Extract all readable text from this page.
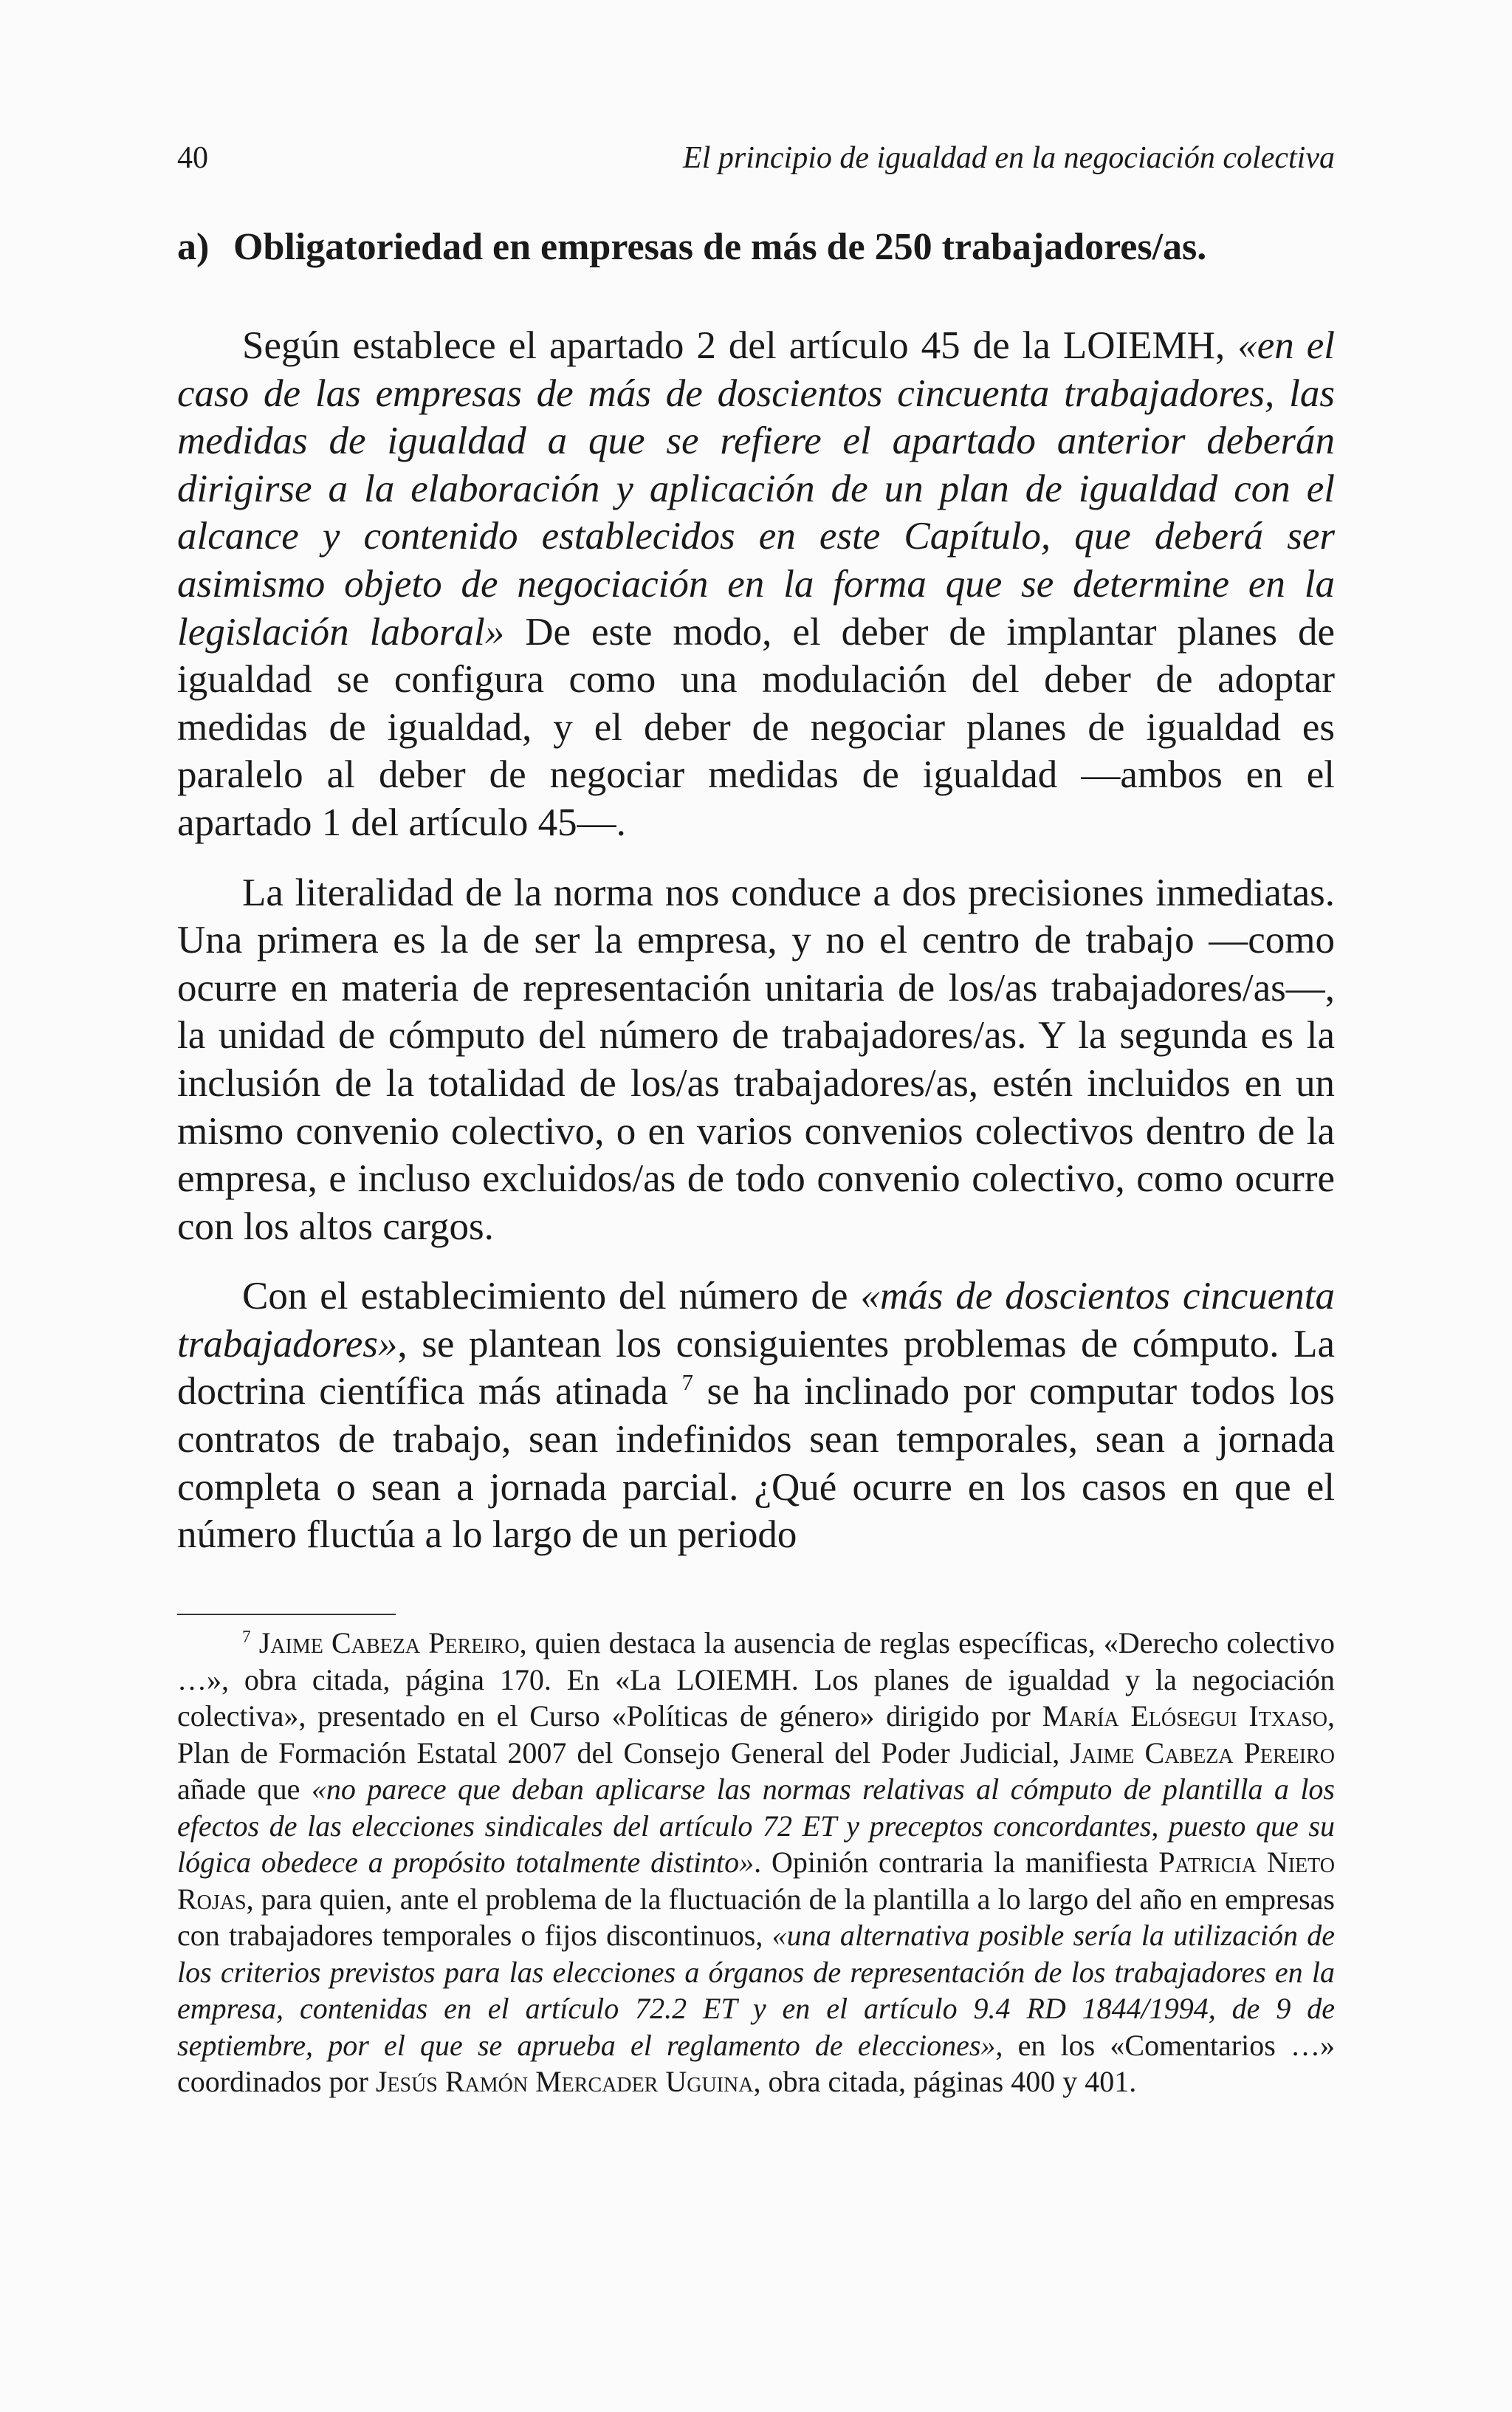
40	El principio de igualdad en la negociación colectiva
a) Obligatoriedad en empresas de más de 250 trabajadores/as.

Según establece el apartado 2 del artículo 45 de la LOIEMH, «en el caso de las empresas de más de doscientos cincuenta trabajadores, las medidas de igualdad a que se refiere el apartado anterior deberán dirigirse a la elaboración y aplicación de un plan de igualdad con el alcance y contenido establecidos en este Capítulo, que deberá ser asimismo objeto de negociación en la forma que se determine en la legislación laboral» De este modo, el deber de implantar planes de igualdad se configura como una modulación del deber de adoptar medidas de igualdad, y el deber de negociar planes de igualdad es paralelo al deber de negociar medidas de igualdad —ambos en el apartado 1 del artículo 45—.

La literalidad de la norma nos conduce a dos precisiones inmediatas. Una primera es la de ser la empresa, y no el centro de trabajo —como ocurre en materia de representación unitaria de los/as trabajadores/as—, la unidad de cómputo del número de trabajadores/as. Y la segunda es la inclusión de la totalidad de los/as trabajadores/as, estén incluidos en un mismo convenio colectivo, o en varios convenios colectivos dentro de la empresa, e incluso excluidos/as de todo convenio colectivo, como ocurre con los altos cargos.

Con el establecimiento del número de «más de doscientos cincuenta trabajadores», se plantean los consiguientes problemas de cómputo. La doctrina científica más atinada $^7$ se ha inclinado por computar todos los contratos de trabajo, sean indefinidos sean temporales, sean a jornada completa o sean a jornada parcial. ¿Qué ocurre en los casos en que el número fluctúa a lo largo de un periodo

$^7$ Jaime Cabeza Pereiro, quien destaca la ausencia de reglas específicas, «Derecho colectivo …», obra citada, página 170. En «La LOIEMH. Los planes de igualdad y la negociación colectiva», presentado en el Curso «Políticas de género» dirigido por María Elósegui Itxaso, Plan de Formación Estatal 2007 del Consejo General del Poder Judicial, Jaime Cabeza Pereiro añade que «no parece que deban aplicarse las normas relativas al cómputo de plantilla a los efectos de las elecciones sindicales del artículo 72 ET y preceptos concordantes, puesto que su lógica obedece a propósito totalmente distinto». Opinión contraria la manifiesta Patricia Nieto Rojas, para quien, ante el problema de la fluctuación de la plantilla a lo largo del año en empresas con trabajadores temporales o fijos discontinuos, «una alternativa posible sería la utilización de los criterios previstos para las elecciones a órganos de representación de los trabajadores en la empresa, contenidas en el artículo 72.2 ET y en el artículo 9.4 RD 1844/1994, de 9 de septiembre, por el que se aprueba el reglamento de elecciones», en los «Comentarios …» coordinados por Jesús Ramón Mercader Uguina, obra citada, páginas 400 y 401.
